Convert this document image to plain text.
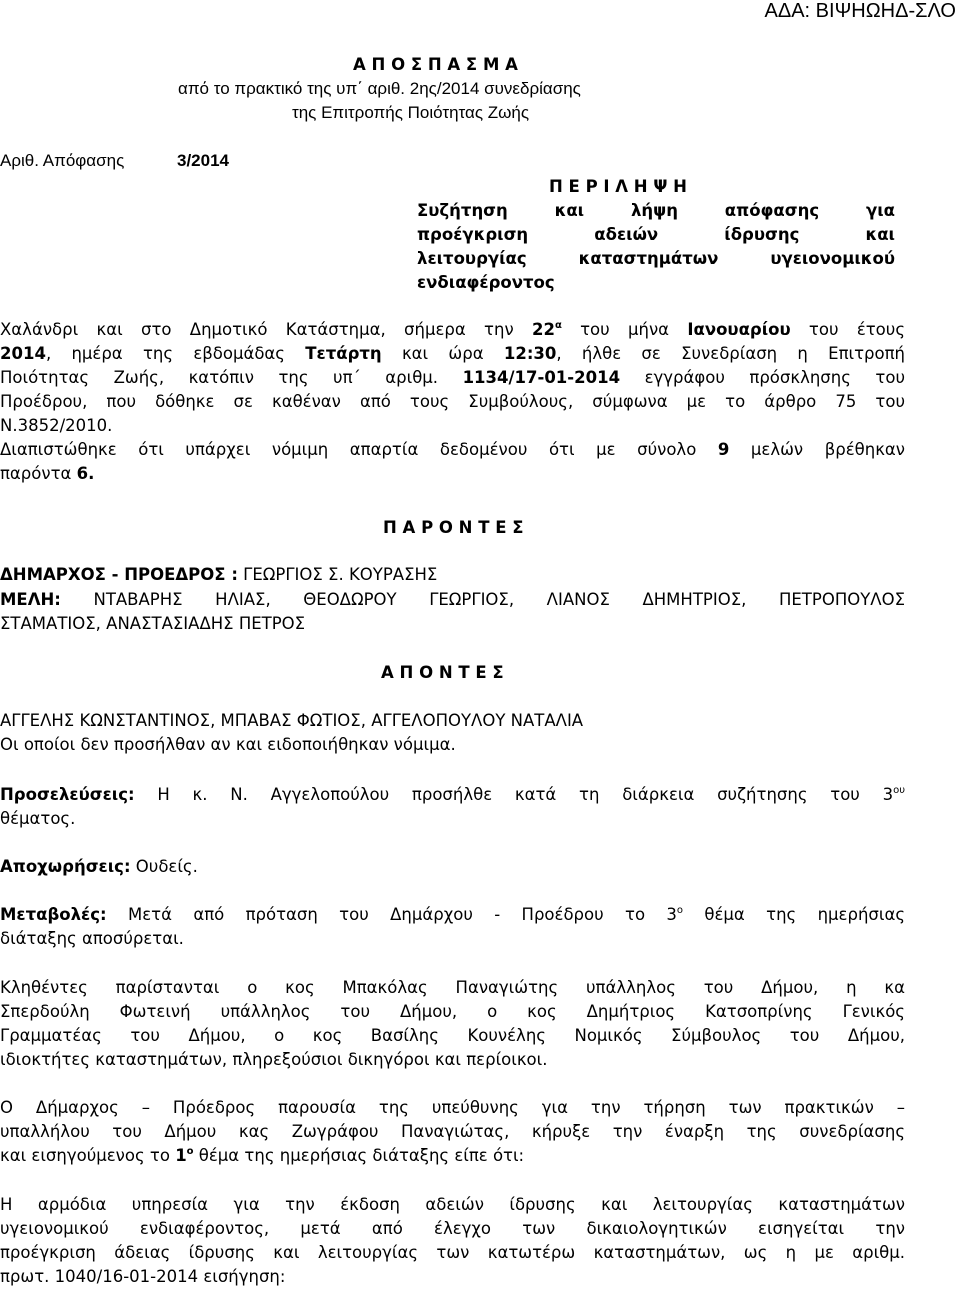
ΑΔΑ: ΒΙΨΗΩΗΔ-ΣΛΟ
Α Π Ο Σ Π Α Σ Μ Α
από το πρακτικό της υπ΄ αριθ. 2ης/2014 συνεδρίασης
της Επιτροπής Ποιότητας Ζωής
Αριθ. Απόφασης	3/2014
Π Ε Ρ Ι Λ Η Ψ Η
Συζήτηση και λήψη απόφασης για
προέγκριση αδειών ίδρυσης και
λειτουργίας καταστημάτων υγειονομικού
ενδιαφέροντος
Χαλάνδρι και στο Δημοτικό Κατάστημα, σήμερα την $22^\alpha$ του μήνα Ιανουαρίου του έτους
2014, ημέρα της εβδομάδας Τετάρτη και ώρα 12:30, ήλθε σε Συνεδρίαση η Επιτροπή
Ποιότητας Ζωής, κατόπιν της υπ΄ αριθμ. 1134/17-01-2014 εγγράφου πρόσκλησης του
Προέδρου, που δόθηκε σε καθέναν από τους Συμβούλους, σύμφωνα με το άρθρο 75 του
Ν.3852/2010.
Διαπιστώθηκε ότι υπάρχει νόμιμη απαρτία δεδομένου ότι με σύνολο 9 μελών βρέθηκαν
παρόντα 6.
Π Α Ρ Ο Ν Τ Ε Σ
ΔΗΜΑΡΧΟΣ - ΠΡΟΕΔΡΟΣ : ΓΕΩΡΓΙΟΣ Σ. ΚΟΥΡΑΣΗΣ
ΜΕΛΗ: ΝΤΑΒΑΡΗΣ ΗΛΙΑΣ, ΘΕΟΔΩΡΟΥ ΓΕΩΡΓΙΟΣ, ΛΙΑΝΟΣ ΔΗΜΗΤΡΙΟΣ, ΠΕΤΡΟΠΟΥΛΟΣ
ΣΤΑΜΑΤΙΟΣ, ΑΝΑΣΤΑΣΙΑΔΗΣ ΠΕΤΡΟΣ
Α Π Ο Ν Τ Ε Σ
ΑΓΓΕΛΗΣ ΚΩΝΣΤΑΝΤΙΝΟΣ, ΜΠΑΒΑΣ ΦΩΤΙΟΣ, ΑΓΓΕΛΟΠΟΥΛΟΥ ΝΑΤΑΛΙΑ
Οι οποίοι δεν προσήλθαν αν και ειδοποιήθηκαν νόμιμα.
Προσελεύσεις: Η κ. Ν. Αγγελοπούλου προσήλθε κατά τη διάρκεια συζήτησης του $3^{o\upsilon}$
θέματος.
Αποχωρήσεις: Ουδείς.
Μεταβολές: Μετά από πρόταση του Δημάρχου - Προέδρου το $3^o$ θέμα της ημερήσιας
διάταξης αποσύρεται.
Κληθέντες παρίστανται ο κος Μπακόλας Παναγιώτης υπάλληλος του Δήμου, η κα
Σπερδούλη Φωτεινή υπάλληλος του Δήμου, ο κος Δημήτριος Κατσοπρίνης Γενικός
Γραμματέας του Δήμου, ο κος Βασίλης Κουνέλης Νομικός Σύμβουλος του Δήμου,
ιδιοκτήτες καταστημάτων, πληρεξούσιοι δικηγόροι και περίοικοι.
Ο Δήμαρχος – Πρόεδρος παρουσία της υπεύθυνης για την τήρηση των πρακτικών –
υπαλλήλου του Δήμου κας Ζωγράφου Παναγιώτας, κήρυξε την έναρξη της συνεδρίασης
και εισηγούμενος το $1^o$ θέμα της ημερήσιας διάταξης είπε ότι:
Η αρμόδια υπηρεσία για την έκδοση αδειών ίδρυσης και λειτουργίας καταστημάτων
υγειονομικού ενδιαφέροντος, μετά από έλεγχο των δικαιολογητικών εισηγείται την
προέγκριση άδειας ίδρυσης και λειτουργίας των κατωτέρω καταστημάτων, ως η με αριθμ.
πρωτ. 1040/16-01-2014 εισήγηση:
